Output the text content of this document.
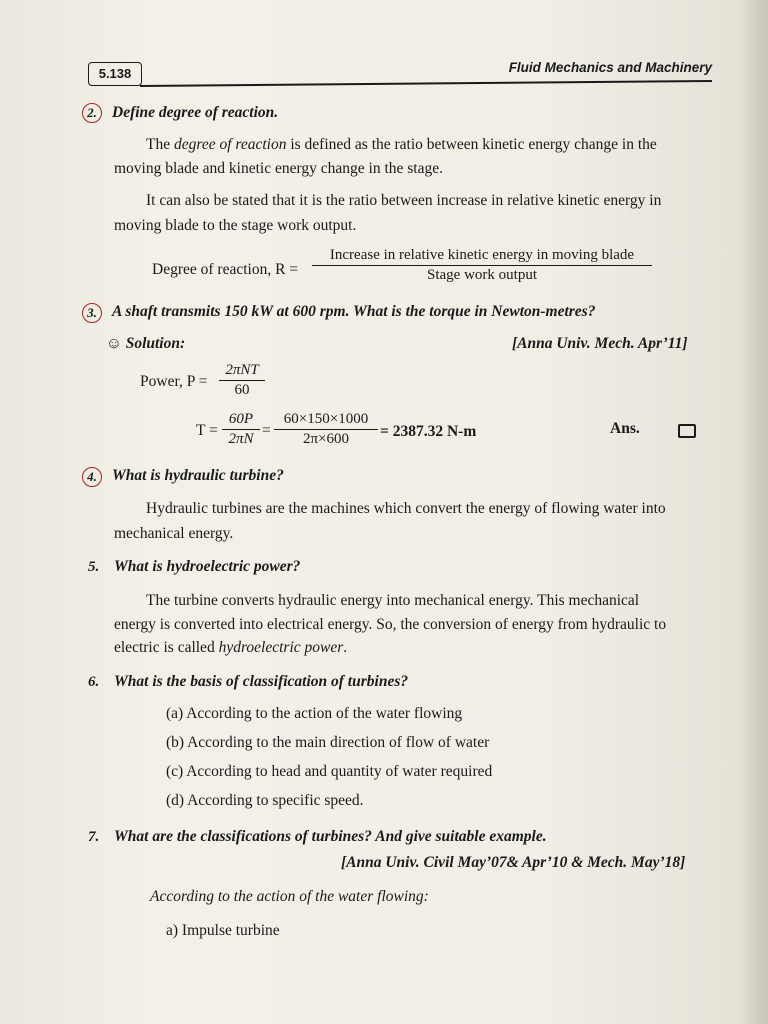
5.138	Fluid Mechanics and Machinery
2. Define degree of reaction.
The degree of reaction is defined as the ratio between kinetic energy change in the
moving blade and kinetic energy change in the stage.
It can also be stated that it is the ratio between increase in relative kinetic energy in
moving blade to the stage work output.
Degree of reaction, R =
Increase in relative kinetic energy in moving blade
Stage work output
3. A shaft transmits 150 kW at 600 rpm. What is the torque in Newton-metres?
☺ Solution:	[Anna Univ. Mech. Apr’11]
Power, P =
2πNT
60
$T = \frac{60P}{2\pi N} = \frac{60\times 150\times 1000}{2\pi\times 600} = 2387.32$ N-m	Ans.
4. What is hydraulic turbine?
Hydraulic turbines are the machines which convert the energy of flowing water into
mechanical energy.
5. What is hydroelectric power?
The turbine converts hydraulic energy into mechanical energy. This mechanical
energy is converted into electrical energy. So, the conversion of energy from hydraulic to
electric is called hydroelectric power.
6. What is the basis of classification of turbines?
(a) According to the action of the water flowing
(b) According to the main direction of flow of water
(c) According to head and quantity of water required
(d) According to specific speed.
7. What are the classifications of turbines? And give suitable example.
[Anna Univ. Civil May’07& Apr’10 & Mech. May’18]
According to the action of the water flowing:
a) Impulse turbine
